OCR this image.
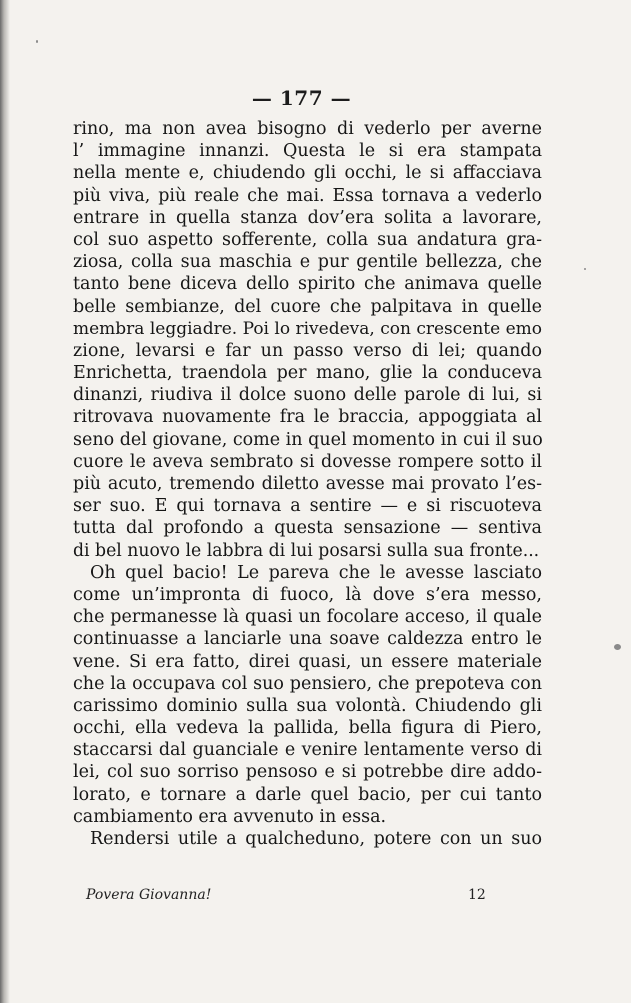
— 177 —
rino, ma non avea bisogno di vederlo per averne
l’ immagine innanzi. Questa le si era stampata
nella mente e, chiudendo gli occhi, le si affacciava
più viva, più reale che mai. Essa tornava a vederlo
entrare in quella stanza dov’era solita a lavorare,
col suo aspetto sofferente, colla sua andatura gra-
ziosa, colla sua maschia e pur gentile bellezza, che
tanto bene diceva dello spirito che animava quelle
belle sembianze, del cuore che palpitava in quelle
membra leggiadre. Poi lo rivedeva, con crescente emo
zione, levarsi e far un passo verso di lei; quando
Enrichetta, traendola per mano, glie la conduceva
dinanzi, riudiva il dolce suono delle parole di lui, si
ritrovava nuovamente fra le braccia, appoggiata al
seno del giovane, come in quel momento in cui il suo
cuore le aveva sembrato si dovesse rompere sotto il
più acuto, tremendo diletto avesse mai provato l’es-
ser suo. E qui tornava a sentire — e si riscuoteva
tutta dal profondo a questa sensazione — sentiva
di bel nuovo le labbra di lui posarsi sulla sua fronte...
Oh quel bacio! Le pareva che le avesse lasciato
come un’impronta di fuoco, là dove s’era messo,
che permanesse là quasi un focolare acceso, il quale
continuasse a lanciarle una soave caldezza entro le
vene. Si era fatto, direi quasi, un essere materiale
che la occupava col suo pensiero, che prepoteva con
carissimo dominio sulla sua volontà. Chiudendo gli
occhi, ella vedeva la pallida, bella figura di Piero,
staccarsi dal guanciale e venire lentamente verso di
lei, col suo sorriso pensoso e si potrebbe dire addo-
lorato, e tornare a darle quel bacio, per cui tanto
cambiamento era avvenuto in essa.
Rendersi utile a qualcheduno, potere con un suo
Povera Giovanna!	12
